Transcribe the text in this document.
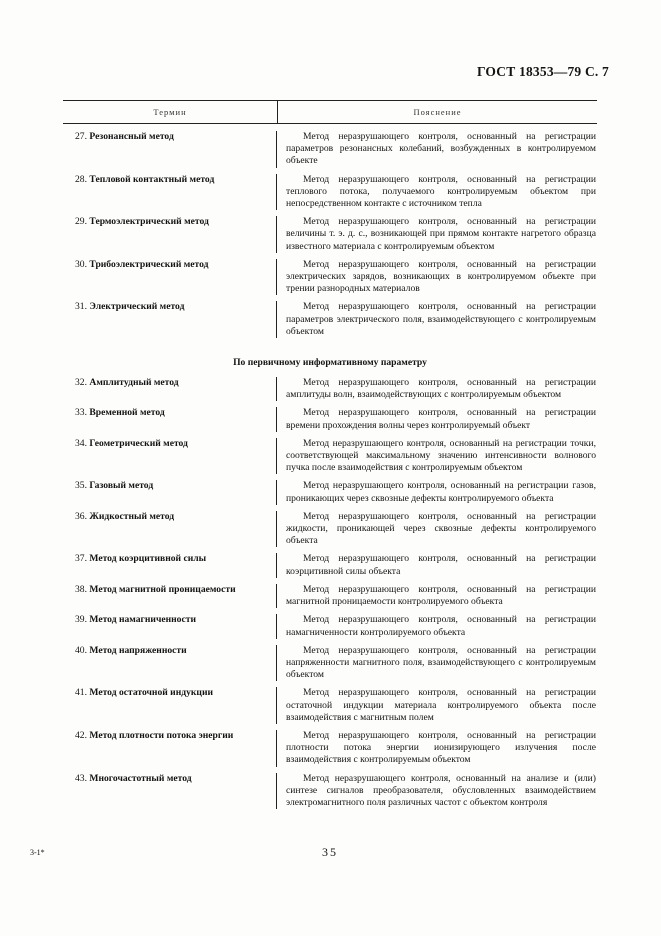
ГОСТ 18353—79 С. 7
Термин	Пояснение
27. Резонансный метод	Метод неразрушающего контроля, основанный на регистрации параметров резонансных колебаний, возбужденных в контролируемом объекте
28. Тепловой контактный метод	Метод неразрушающего контроля, основанный на регистрации теплового потока, получаемого контролируемым объектом при непосредственном контакте с источником тепла
29. Термоэлектрический метод	Метод неразрушающего контроля, основанный на регистрации величины т. э. д. с., возникающей при прямом контакте нагретого образца известного материала с контролируемым объектом
30. Трибоэлектрический метод	Метод неразрушающего контроля, основанный на регистрации электрических зарядов, возникающих в контролируемом объекте при трении разнородных материалов
31. Электрический метод	Метод неразрушающего контроля, основанный на регистрации параметров электрического поля, взаимодействующего с контролируемым объектом
По первичному информативному параметру
32. Амплитудный метод	Метод неразрушающего контроля, основанный на регистрации амплитуды волн, взаимодействующих с контролируемым объектом
33. Временной метод	Метод неразрушающего контроля, основанный на регистрации времени прохождения волны через контролируемый объект
34. Геометрический метод	Метод неразрушающего контроля, основанный на регистрации точки, соответствующей максимальному значению интенсивности волнового пучка после взаимодействия с контролируемым объектом
35. Газовый метод	Метод неразрушающего контроля, основанный на регистрации газов, проникающих через сквозные дефекты контролируемого объекта
36. Жидкостный метод	Метод неразрушающего контроля, основанный на регистрации жидкости, проникающей через сквозные дефекты контролируемого объекта
37. Метод коэрцитивной силы	Метод неразрушающего контроля, основанный на регистрации коэрцитивной силы объекта
38. Метод магнитной проницаемости	Метод неразрушающего контроля, основанный на регистрации магнитной проницаемости контролируемого объекта
39. Метод намагниченности	Метод неразрушающего контроля, основанный на регистрации намагниченности контролируемого объекта
40. Метод напряженности	Метод неразрушающего контроля, основанный на регистрации напряженности магнитного поля, взаимодействующего с контролируемым объектом
41. Метод остаточной индукции	Метод неразрушающего контроля, основанный на регистрации остаточной индукции материала контролируемого объекта после взаимодействия с магнитным полем
42. Метод плотности потока энергии	Метод неразрушающего контроля, основанный на регистрации плотности потока энергии ионизирующего излучения после взаимодействия с контролируемым объектом
43. Многочастотный метод	Метод неразрушающего контроля, основанный на анализе и (или) синтезе сигналов преобразователя, обусловленных взаимодействием электромагнитного поля различных частот с объектом контроля
3-1*	35
